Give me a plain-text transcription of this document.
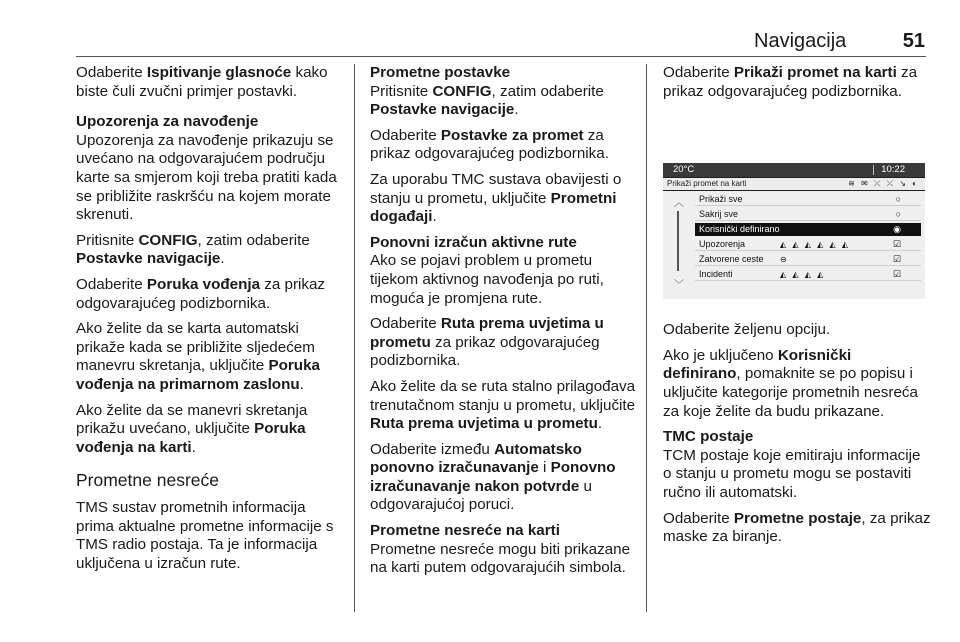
Navigacija	51

Odaberite Ispitivanje glasnoće kako biste čuli zvučni primjer postavki.

Upozorenja za navođenje

Upozorenja za navođenje prikazuju se uvećano na odgovarajućem području karte sa smjerom koji treba pratiti kada se približite raskršću na kojem morate skrenuti.

Pritisnite CONFIG, zatim odaberite Postavke navigacije.

Odaberite Poruka vođenja za prikaz odgovarajućeg podizbornika.

Ako želite da se karta automatski prikaže kada se približite sljedećem manevru skretanja, uključite Poruka vođenja na primarnom zaslonu.

Ako želite da se manevri skretanja prikažu uvećano, uključite Poruka vođenja na karti.

Prometne nesreće

TMS sustav prometnih informacija prima aktualne prometne informacije s TMS radio postaja. Ta je informacija uključena u izračun rute.

Prometne postavke

Pritisnite CONFIG, zatim odaberite Postavke navigacije.

Odaberite Postavke za promet za prikaz odgovarajućeg podizbornika.

Za uporabu TMC sustava obavijesti o stanju u prometu, uključite Prometni događaji.

Ponovni izračun aktivne rute

Ako se pojavi problem u prometu tijekom aktivnog navođenja po ruti, moguća je promjena rute.

Odaberite Ruta prema uvjetima u prometu za prikaz odgovarajućeg podizbornika.

Ako želite da se ruta stalno prilagođava trenutačnom stanju u prometu, uključite Ruta prema uvjetima u prometu.

Odaberite između Automatsko ponovno izračunavanje i Ponovno izračunavanje nakon potvrde u odgovarajućoj poruci.

Prometne nesreće na karti

Prometne nesreće mogu biti prikazane na karti putem odgovarajućih simbola.

Odaberite Prikaži promet na karti za prikaz odgovarajućeg podizbornika.

20°C	10:22
Prikaži promet na karti	≋ ✉ ⤫ ⤫ ↘ ◐
︿
﹀
Prikaži sve	○
Sakrij sve	○
Korisnički definirano	◉
Upozorenja	◭ ◭ ◭ ◭ ◭ ◭	☑
Zatvorene ceste ⊖	☑
Incidenti	◭ ◭ ◭ ◭	☑

Odaberite željenu opciju.

Ako je uključeno Korisnički definirano, pomaknite se po popisu i uključite kategorije prometnih nesreća za koje želite da budu prikazane.

TMC postaje

TCM postaje koje emitiraju informacije o stanju u prometu mogu se postaviti ručno ili automatski.

Odaberite Prometne postaje, za prikaz maske za biranje.
